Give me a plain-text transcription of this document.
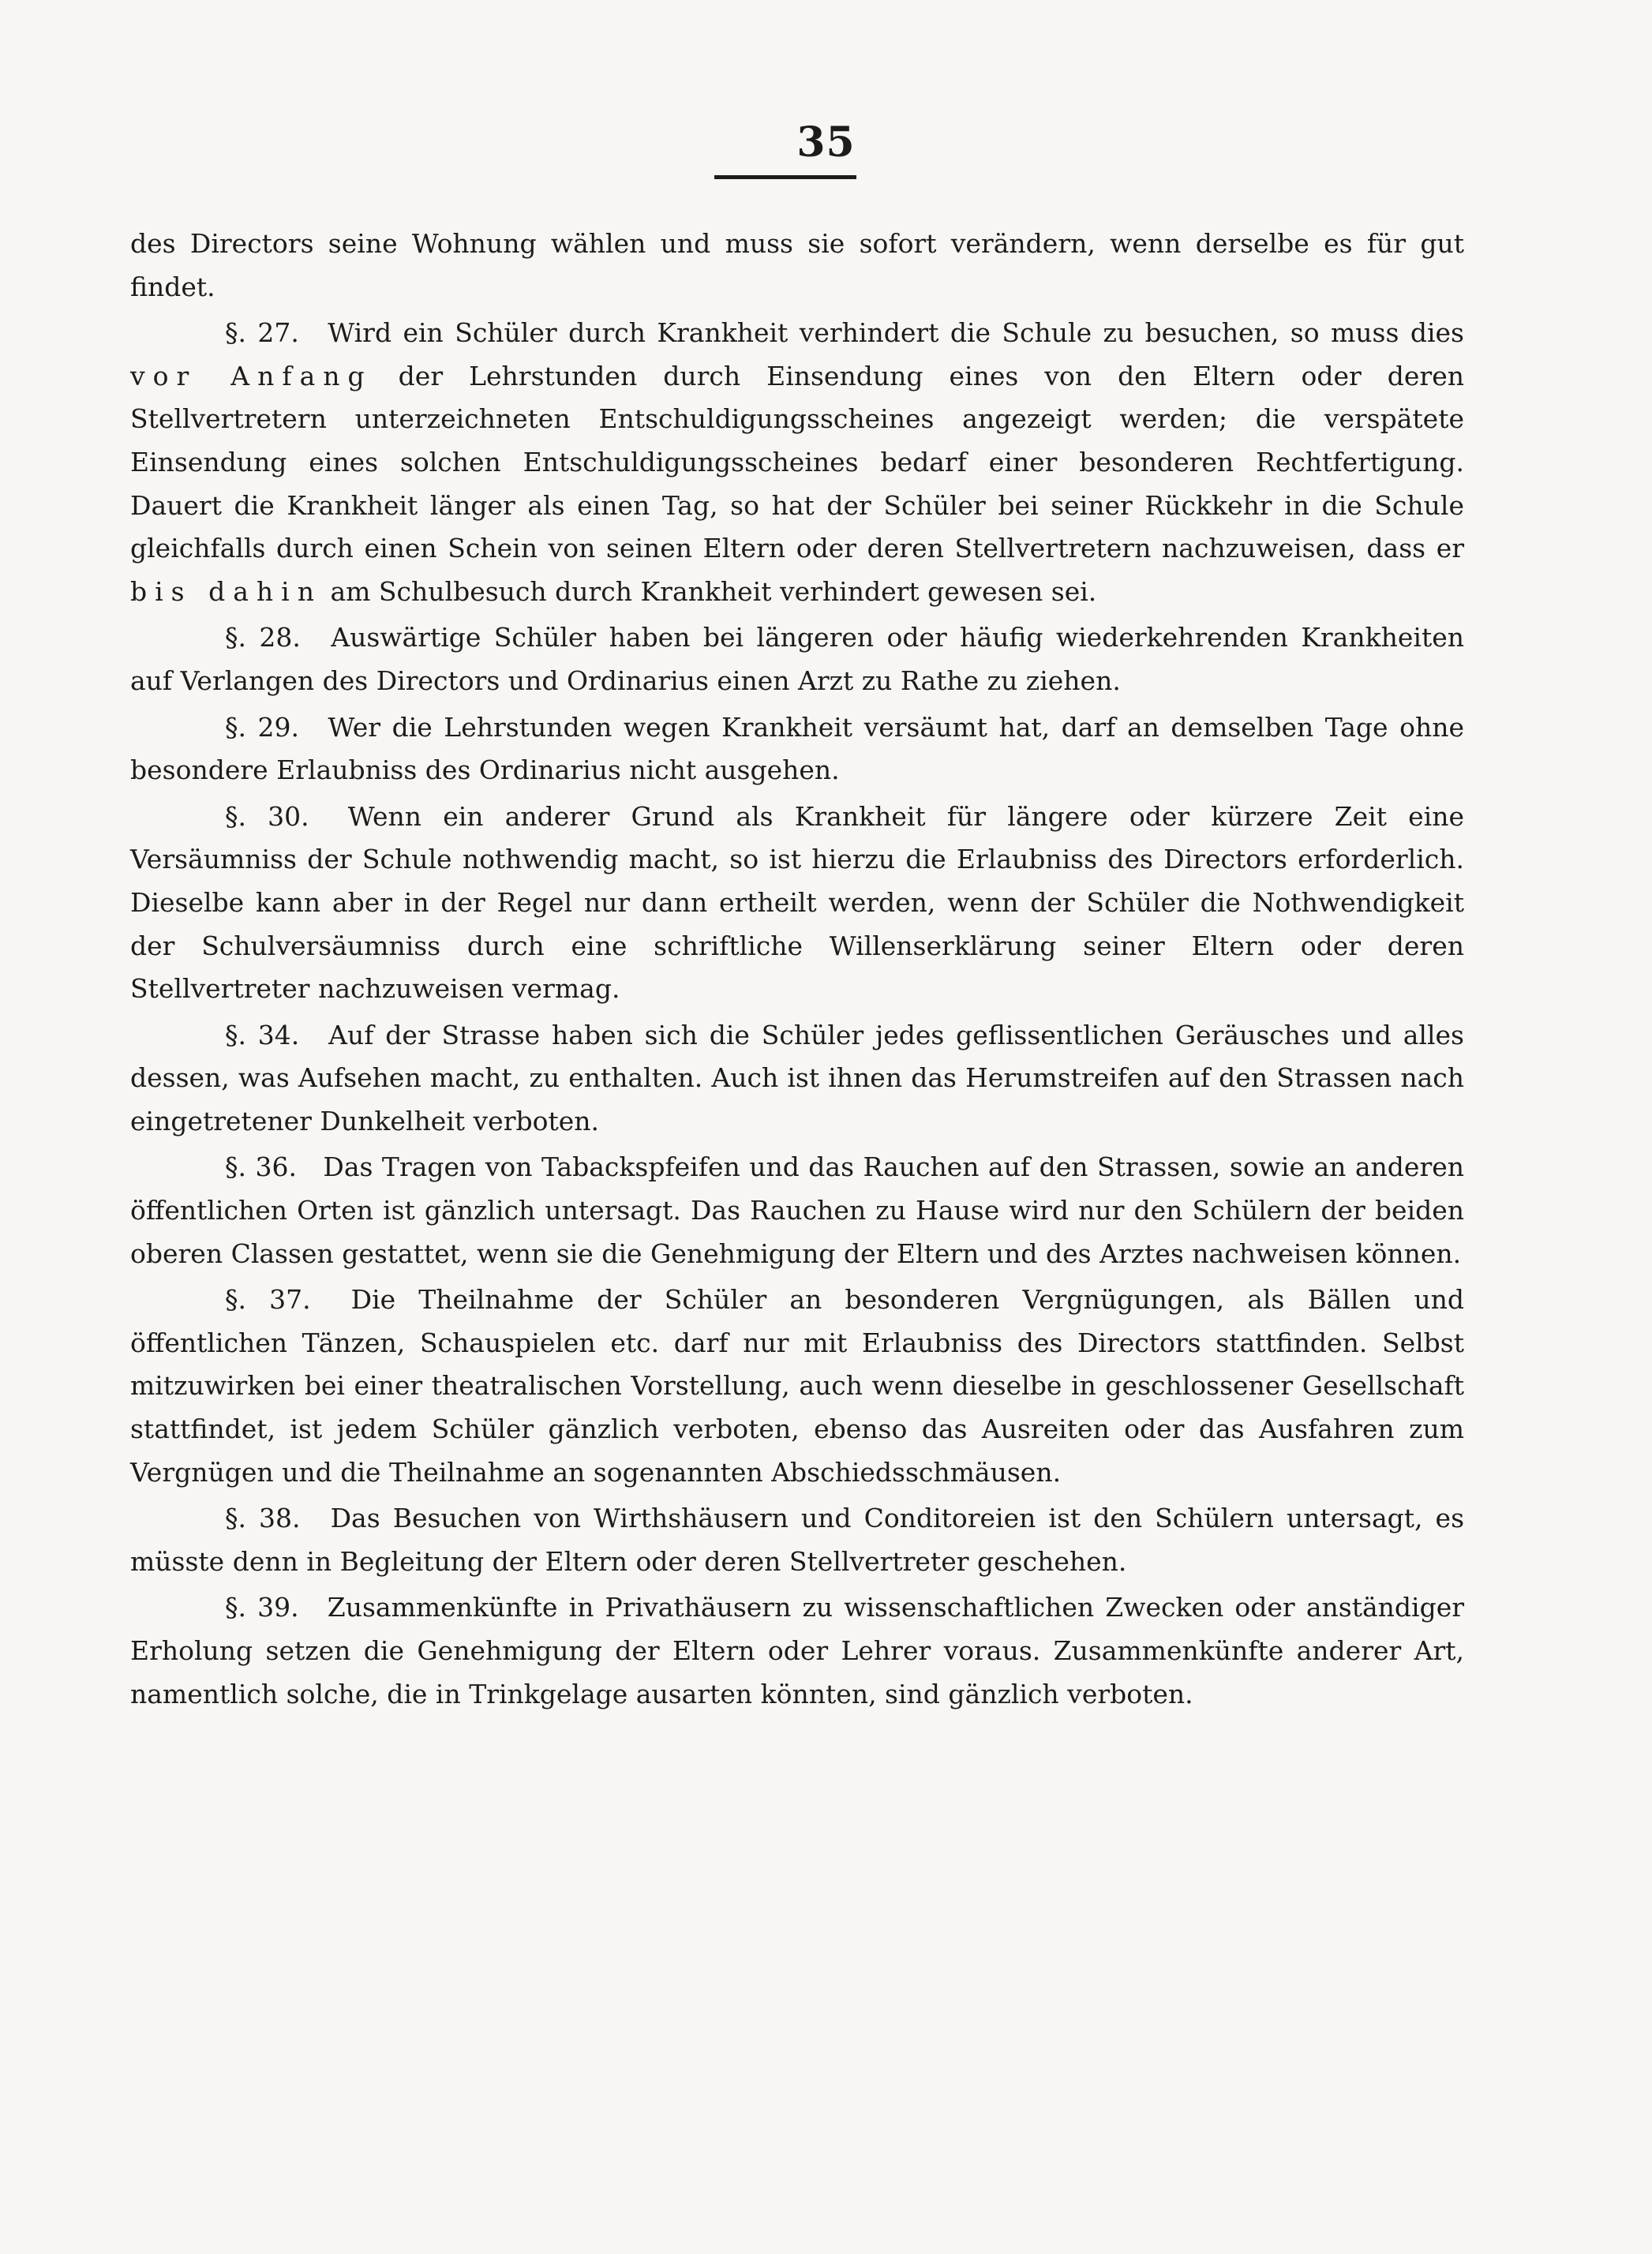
35

des Directors seine Wohnung wählen und muss sie sofort verändern, wenn derselbe es für gut findet.

§. 27. Wird ein Schüler durch Krankheit verhindert die Schule zu besuchen, so muss dies vor Anfang der Lehrstunden durch Einsendung eines von den Eltern oder deren Stellvertretern unterzeichneten Entschuldigungsscheines angezeigt werden; die verspätete Einsendung eines solchen Entschuldigungsscheines bedarf einer besonderen Rechtfertigung. Dauert die Krankheit länger als einen Tag, so hat der Schüler bei seiner Rückkehr in die Schule gleichfalls durch einen Schein von seinen Eltern oder deren Stellvertretern nachzuweisen, dass er bis dahin am Schulbesuch durch Krankheit verhindert gewesen sei.

§. 28. Auswärtige Schüler haben bei längeren oder häufig wiederkehrenden Krankheiten auf Verlangen des Directors und Ordinarius einen Arzt zu Rathe zu ziehen.

§. 29. Wer die Lehrstunden wegen Krankheit versäumt hat, darf an demselben Tage ohne besondere Erlaubniss des Ordinarius nicht ausgehen.

§. 30. Wenn ein anderer Grund als Krankheit für längere oder kürzere Zeit eine Versäumniss der Schule nothwendig macht, so ist hierzu die Erlaubniss des Directors erforderlich. Dieselbe kann aber in der Regel nur dann ertheilt werden, wenn der Schüler die Nothwendigkeit der Schulversäumniss durch eine schriftliche Willenserklärung seiner Eltern oder deren Stellvertreter nachzuweisen vermag.

§. 34. Auf der Strasse haben sich die Schüler jedes geflissentlichen Geräusches und alles dessen, was Aufsehen macht, zu enthalten. Auch ist ihnen das Herumstreifen auf den Strassen nach eingetretener Dunkelheit verboten.

§. 36. Das Tragen von Tabackspfeifen und das Rauchen auf den Strassen, sowie an anderen öffentlichen Orten ist gänzlich untersagt. Das Rauchen zu Hause wird nur den Schülern der beiden oberen Classen gestattet, wenn sie die Genehmigung der Eltern und des Arztes nachweisen können.

§. 37. Die Theilnahme der Schüler an besonderen Vergnügungen, als Bällen und öffentlichen Tänzen, Schauspielen etc. darf nur mit Erlaubniss des Directors stattfinden. Selbst mitzuwirken bei einer theatralischen Vorstellung, auch wenn dieselbe in geschlossener Gesellschaft stattfindet, ist jedem Schüler gänzlich verboten, ebenso das Ausreiten oder das Ausfahren zum Vergnügen und die Theilnahme an sogenannten Abschiedsschmäusen.

§. 38. Das Besuchen von Wirthshäusern und Conditoreien ist den Schülern untersagt, es müsste denn in Begleitung der Eltern oder deren Stellvertreter geschehen.

§. 39. Zusammenkünfte in Privathäusern zu wissenschaftlichen Zwecken oder anständiger Erholung setzen die Genehmigung der Eltern oder Lehrer voraus. Zusammenkünfte anderer Art, namentlich solche, die in Trinkgelage ausarten könnten, sind gänzlich verboten.
